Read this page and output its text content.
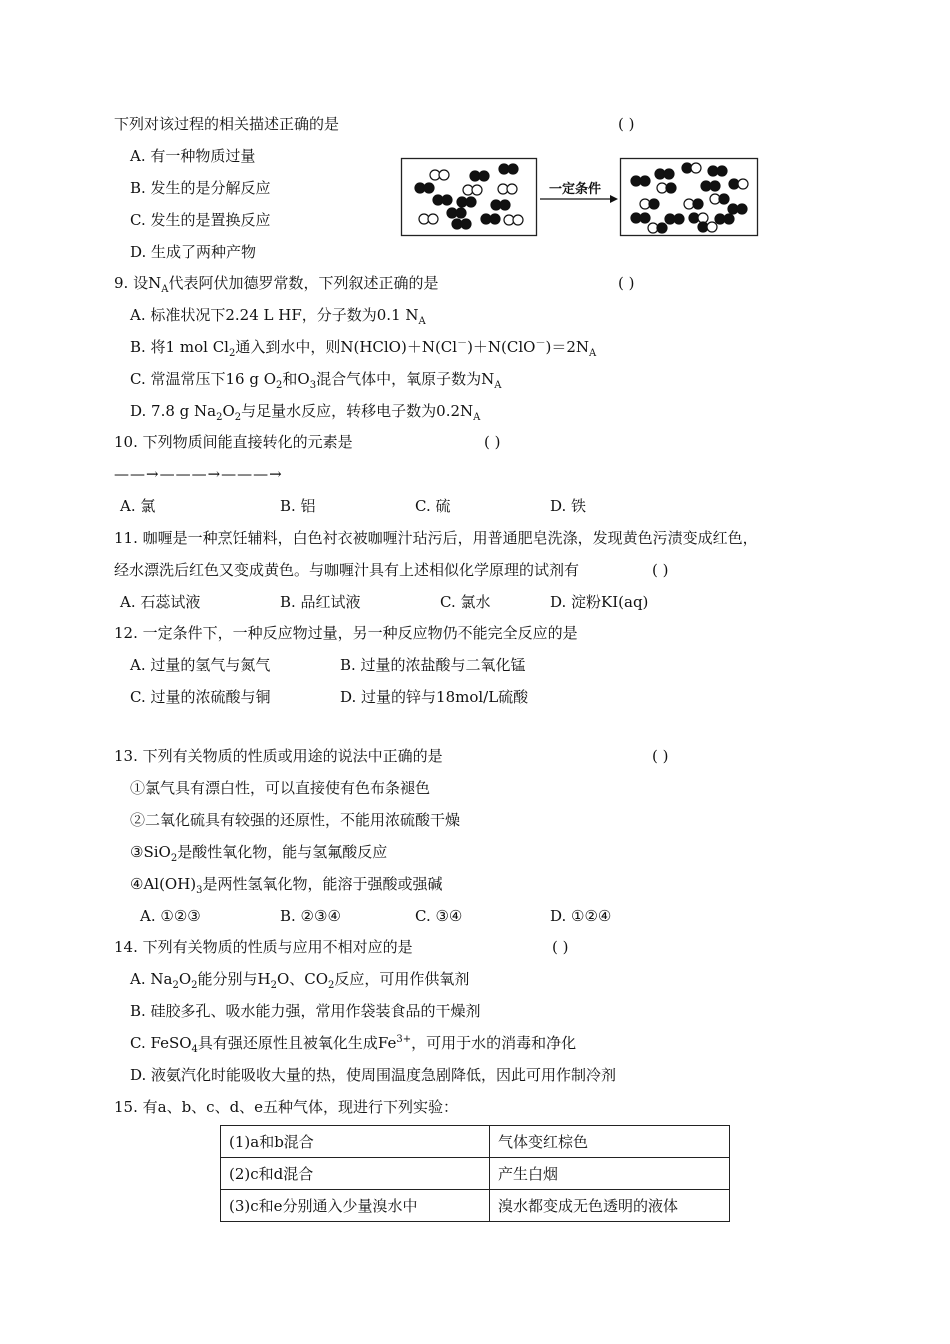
下列对该过程的相关描述正确的是	( )
A. 有一种物质过量
B. 发生的是分解反应
C. 发生的是置换反应
D. 生成了两种产物
一定条件
9. 设$N_A$代表阿伏加德罗常数，下列叙述正确的是	( )
A. 标准状况下2.24 L HF，分子数为0.1 $N_A$
B. 将1 mol $Cl_2$通入到水中，则$N(HClO)+N(Cl^-)+N(ClO^-)=2N_A$
C. 常温常压下16 g $O_2$和$O_3$混合气体中，氧原子数为$N_A$
D. 7.8 g $Na_2O_2$与足量水反应，转移电子数为$0.2N_A$
10. 下列物质间能直接转化的元素是	( )
——→———→———→
A. 氯	B. 铝	C. 硫	D. 铁
11. 咖喱是一种烹饪辅料，白色衬衣被咖喱汁玷污后，用普通肥皂洗涤，发现黄色污渍变成红色，
经水漂洗后红色又变成黄色。与咖喱汁具有上述相似化学原理的试剂有	( )
A. 石蕊试液	B. 品红试液	C. 氯水	D. 淀粉KI(aq)
12. 一定条件下，一种反应物过量，另一种反应物仍不能完全反应的是
A. 过量的氢气与氮气	B. 过量的浓盐酸与二氧化锰
C. 过量的浓硫酸与铜	D. 过量的锌与18mol/L硫酸
13. 下列有关物质的性质或用途的说法中正确的是	( )
①氯气具有漂白性，可以直接使有色布条褪色
②二氧化硫具有较强的还原性，不能用浓硫酸干燥
③SiO$_2$是酸性氧化物，能与氢氟酸反应
$④Al(OH)_3$是两性氢氧化物，能溶于强酸或强碱
A. ①②③	B. ②③④	C. ③④	D. ①②④
14. 下列有关物质的性质与应用不相对应的是	( )
A. $Na_2O_2$能分别与$H_2O$、$CO_2$反应，可用作供氧剂
B. 硅胶多孔、吸水能力强，常用作袋装食品的干燥剂
C. FeSO$_4$具有强还原性且被氧化生成$Fe^{3+}$，可用于水的消毒和净化
D. 液氨汽化时能吸收大量的热，使周围温度急剧降低，因此可用作制冷剂
15. 有a、b、c、d、e五种气体，现进行下列实验：
(1)a和b混合	气体变红棕色
(2)c和d混合	产生白烟
(3)c和e分别通入少量溴水中	溴水都变成无色透明的液体
